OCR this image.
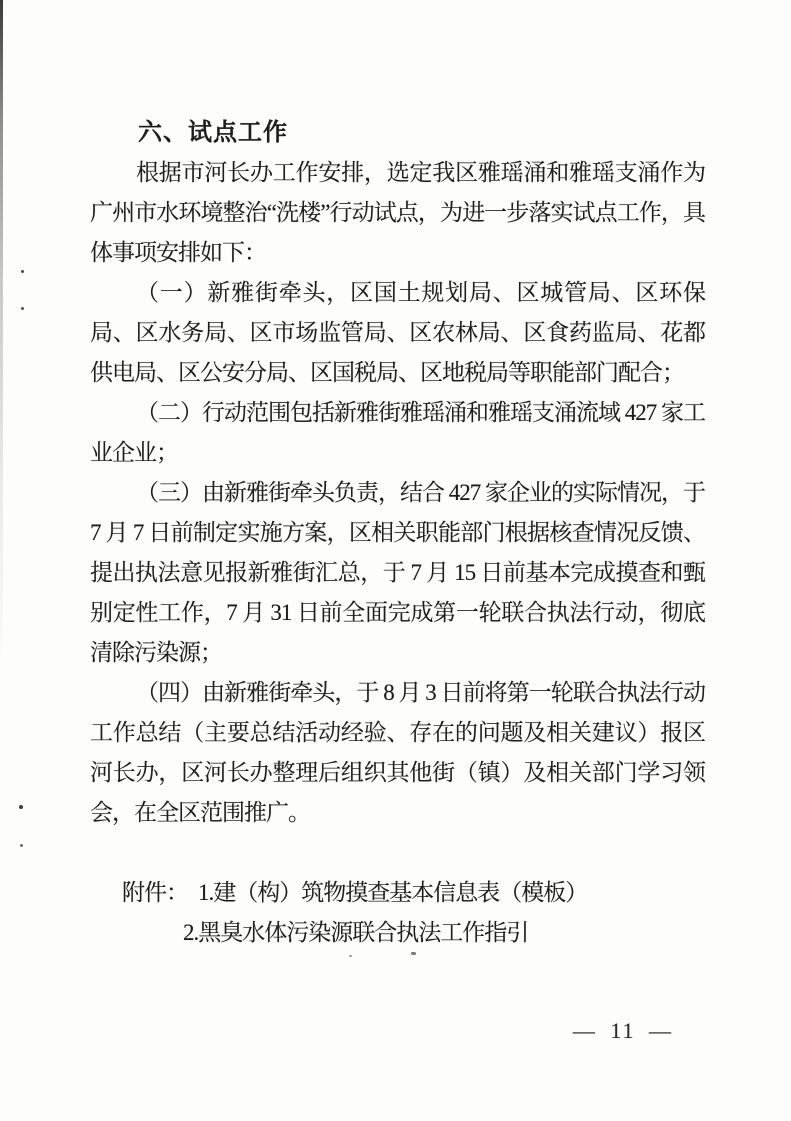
六、试点工作

根据市河长办工作安排，选定我区雅瑶涌和雅瑶支涌作为广州市水环境整治“洗楼”行动试点，为进一步落实试点工作，具体事项安排如下：

（一）新雅街牵头，区国土规划局、区城管局、区环保局、区水务局、区市场监管局、区农林局、区食药监局、花都供电局、区公安分局、区国税局、区地税局等职能部门配合；

（二）行动范围包括新雅街雅瑶涌和雅瑶支涌流域 427 家工业企业；

（三）由新雅街牵头负责，结合 427 家企业的实际情况，于 7 月 7 日前制定实施方案，区相关职能部门根据核查情况反馈、提出执法意见报新雅街汇总，于 7 月 15 日前基本完成摸查和甄别定性工作，7 月 31 日前全面完成第一轮联合执法行动，彻底清除污染源；

（四）由新雅街牵头，于 8 月 3 日前将第一轮联合执法行动工作总结（主要总结活动经验、存在的问题及相关建议）报区河长办，区河长办整理后组织其他街（镇）及相关部门学习领会，在全区范围推广。

附件： 1.建（构）筑物摸查基本信息表（模板）
2.黑臭水体污染源联合执法工作指引
— 11 —
